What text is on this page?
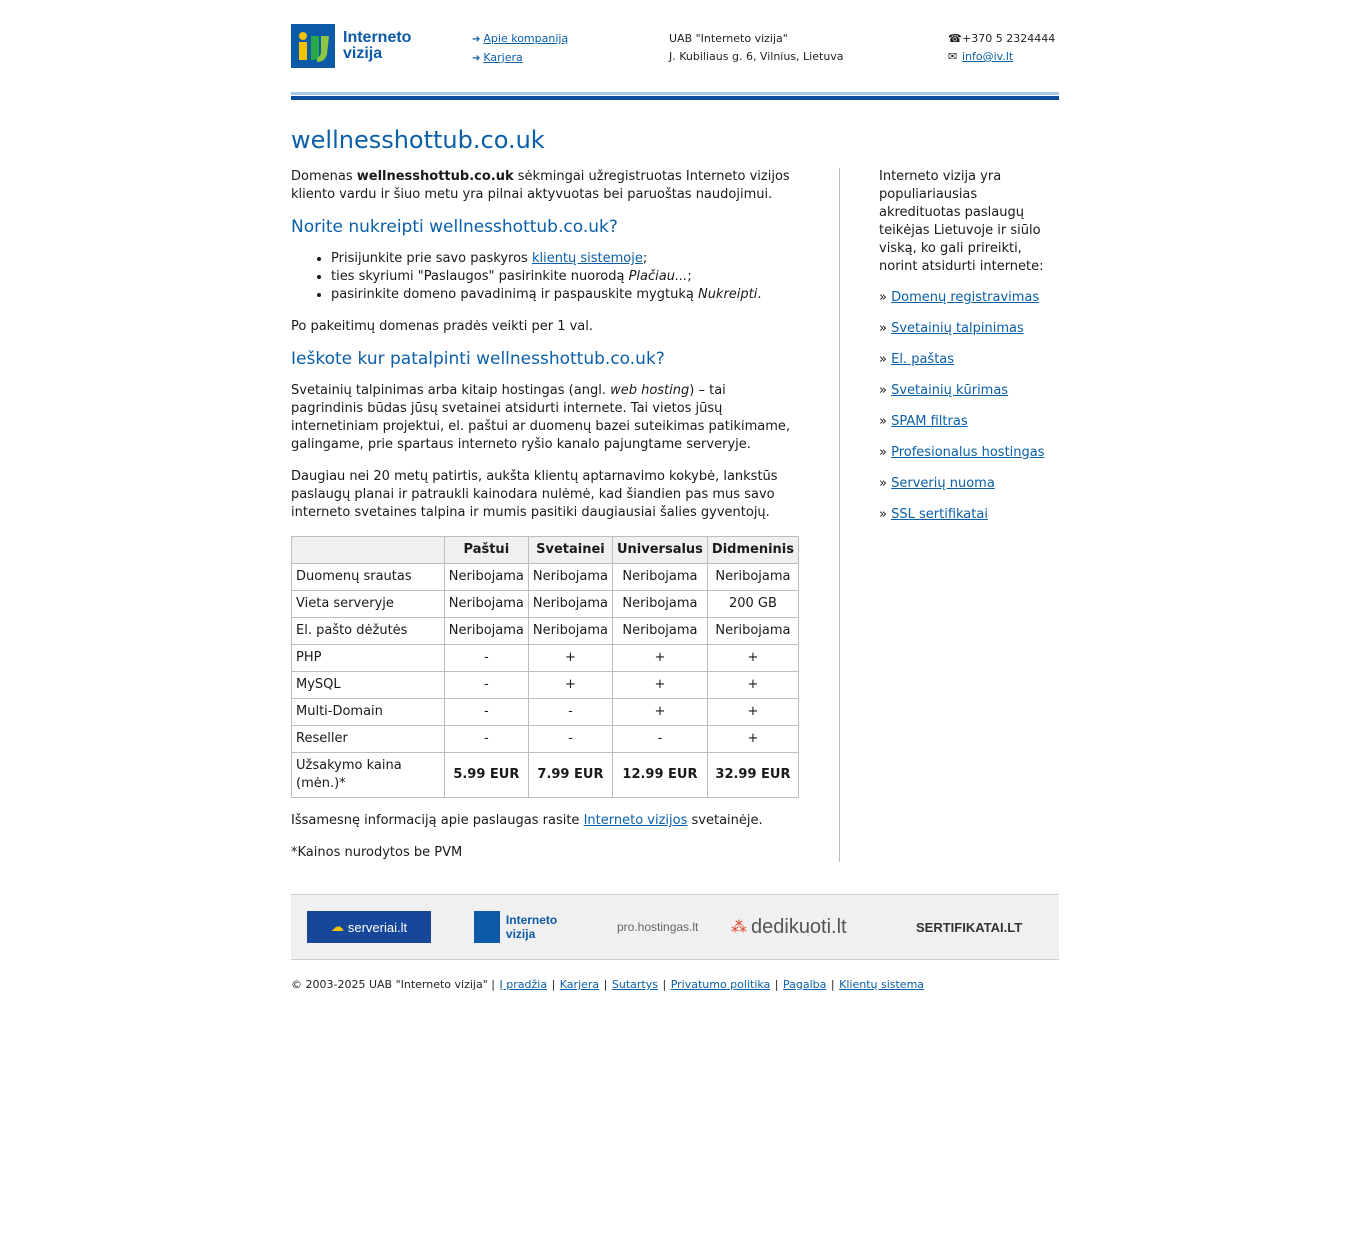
Interneto
vizija
➔ Apie kompaniją
➔ Karjera
UAB "Interneto vizija"
J. Kubiliaus g. 6, Vilnius, Lietuva
☎+370 5 2324444
✉ info@iv.lt
wellnesshottub.co.uk

Domenas wellnesshottub.co.uk sėkmingai užregistruotas Interneto vizijos kliento vardu ir šiuo metu yra pilnai aktyvuotas bei paruoštas naudojimui.

Norite nukreipti wellnesshottub.co.uk?
• Prisijunkite prie savo paskyros klientų sistemoje;
• ties skyriumi "Paslaugos" pasirinkite nuorodą Plačiau...;
• pasirinkite domeno pavadinimą ir paspauskite mygtuką Nukreipti.

Po pakeitimų domenas pradės veikti per 1 val.

Ieškote kur patalpinti wellnesshottub.co.uk?

Svetainių talpinimas arba kitaip hostingas (angl. web hosting) – tai pagrindinis būdas jūsų svetainei atsidurti internete. Tai vietos jūsų internetiniam projektui, el. paštui ar duomenų bazei suteikimas patikimame, galingame, prie spartaus interneto ryšio kanalo pajungtame serveryje.

Daugiau nei 20 metų patirtis, aukšta klientų aptarnavimo kokybė, lankstūs paslaugų planai ir patraukli kainodara nulėmė, kad šiandien pas mus savo interneto svetaines talpina ir mumis pasitiki daugiausiai šalies gyventojų.

	Paštui	Svetainei	Universalus	Didmeninis
Duomenų srautas	Neribojama	Neribojama	Neribojama	Neribojama
Vieta serveryje	Neribojama	Neribojama	Neribojama	200 GB
El. pašto dėžutės	Neribojama	Neribojama	Neribojama	Neribojama
PHP	-	+	+	+
MySQL	-	+	+	+
Multi-Domain	-	-	+	+
Reseller	-	-	-	+
Užsakymo kaina (mėn.)*	5.99 EUR	7.99 EUR	12.99 EUR	32.99 EUR

Išsamesnę informaciją apie paslaugas rasite Interneto vizijos svetainėje.

*Kainos nurodytos be PVM

Interneto vizija yra populiariausias akredituotas paslaugų teikėjas Lietuvoje ir siūlo viską, ko gali prireikti, norint atsidurti internete:

» Domenų registravimas
» Svetainių talpinimas
» El. paštas
» Svetainių kūrimas
» SPAM filtras
» Profesionalus hostingas
» Serverių nuoma
» SSL sertifikatai
☁ serveriai.lt	Interneto vizija	pro.hostingas.lt ⁂ dedikuoti.lt	SERTIFIKATAI.LT
© 2003-2025 UAB "Interneto vizija" | Į pradžia | Karjera | Sutartys | Privatumo politika | Pagalba | Klientų sistema
